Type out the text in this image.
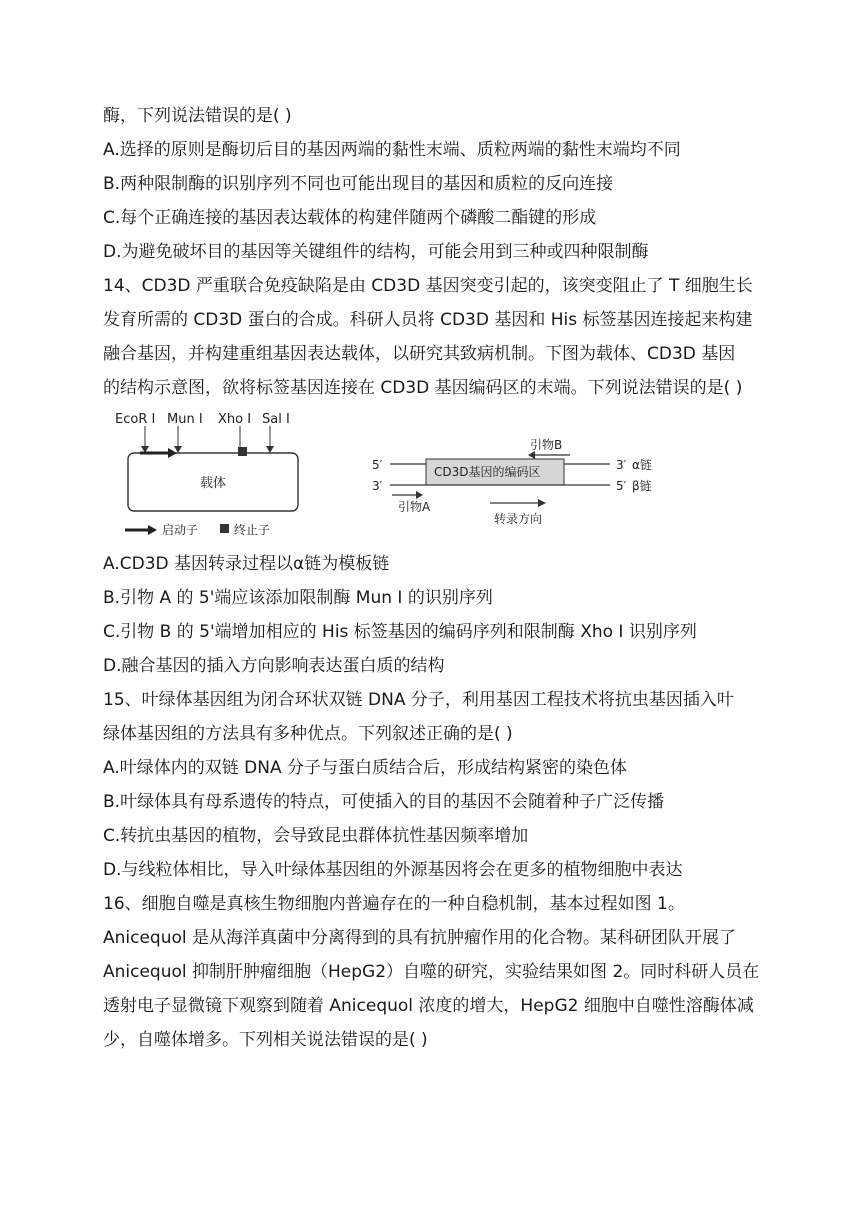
酶，下列说法错误的是( )
A.选择的原则是酶切后目的基因两端的黏性末端、质粒两端的黏性末端均不同
B.两种限制酶的识别序列不同也可能出现目的基因和质粒的反向连接
C.每个正确连接的基因表达载体的构建伴随两个磷酸二酯键的形成
D.为避免破坏目的基因等关键组件的结构，可能会用到三种或四种限制酶
14、CD3D 严重联合免疫缺陷是由 CD3D 基因突变引起的，该突变阻止了 T 细胞生长
发育所需的 CD3D 蛋白的合成。科研人员将 CD3D 基因和 His 标签基因连接起来构建
融合基因，并构建重组基因表达载体，以研究其致病机制。下图为载体、CD3D 基因
的结构示意图，欲将标签基因连接在 CD3D 基因编码区的末端。下列说法错误的是( )
EcoR Ⅰ Mun Ⅰ Xho Ⅰ Sal Ⅰ
载体
启动子	终止子
引物B
5′	3′ α链
CD3D基因的编码区
3′	5′ β链
引物A
转录方向
A.CD3D 基因转录过程以α链为模板链
B.引物 A 的 5'端应该添加限制酶 Mun Ⅰ 的识别序列
C.引物 B 的 5'端增加相应的 His 标签基因的编码序列和限制酶 Xho Ⅰ 识别序列
D.融合基因的插入方向影响表达蛋白质的结构
15、叶绿体基因组为闭合环状双链 DNA 分子，利用基因工程技术将抗虫基因插入叶
绿体基因组的方法具有多种优点。下列叙述正确的是( )
A.叶绿体内的双链 DNA 分子与蛋白质结合后，形成结构紧密的染色体
B.叶绿体具有母系遗传的特点，可使插入的目的基因不会随着种子广泛传播
C.转抗虫基因的植物，会导致昆虫群体抗性基因频率增加
D.与线粒体相比，导入叶绿体基因组的外源基因将会在更多的植物细胞中表达
16、细胞自噬是真核生物细胞内普遍存在的一种自稳机制，基本过程如图 1。
Anicequol 是从海洋真菌中分离得到的具有抗肿瘤作用的化合物。某科研团队开展了
Anicequol 抑制肝肿瘤细胞（HepG2）自噬的研究，实验结果如图 2。同时科研人员在
透射电子显微镜下观察到随着 Anicequol 浓度的增大，HepG2 细胞中自噬性溶酶体减
少，自噬体增多。下列相关说法错误的是( )
